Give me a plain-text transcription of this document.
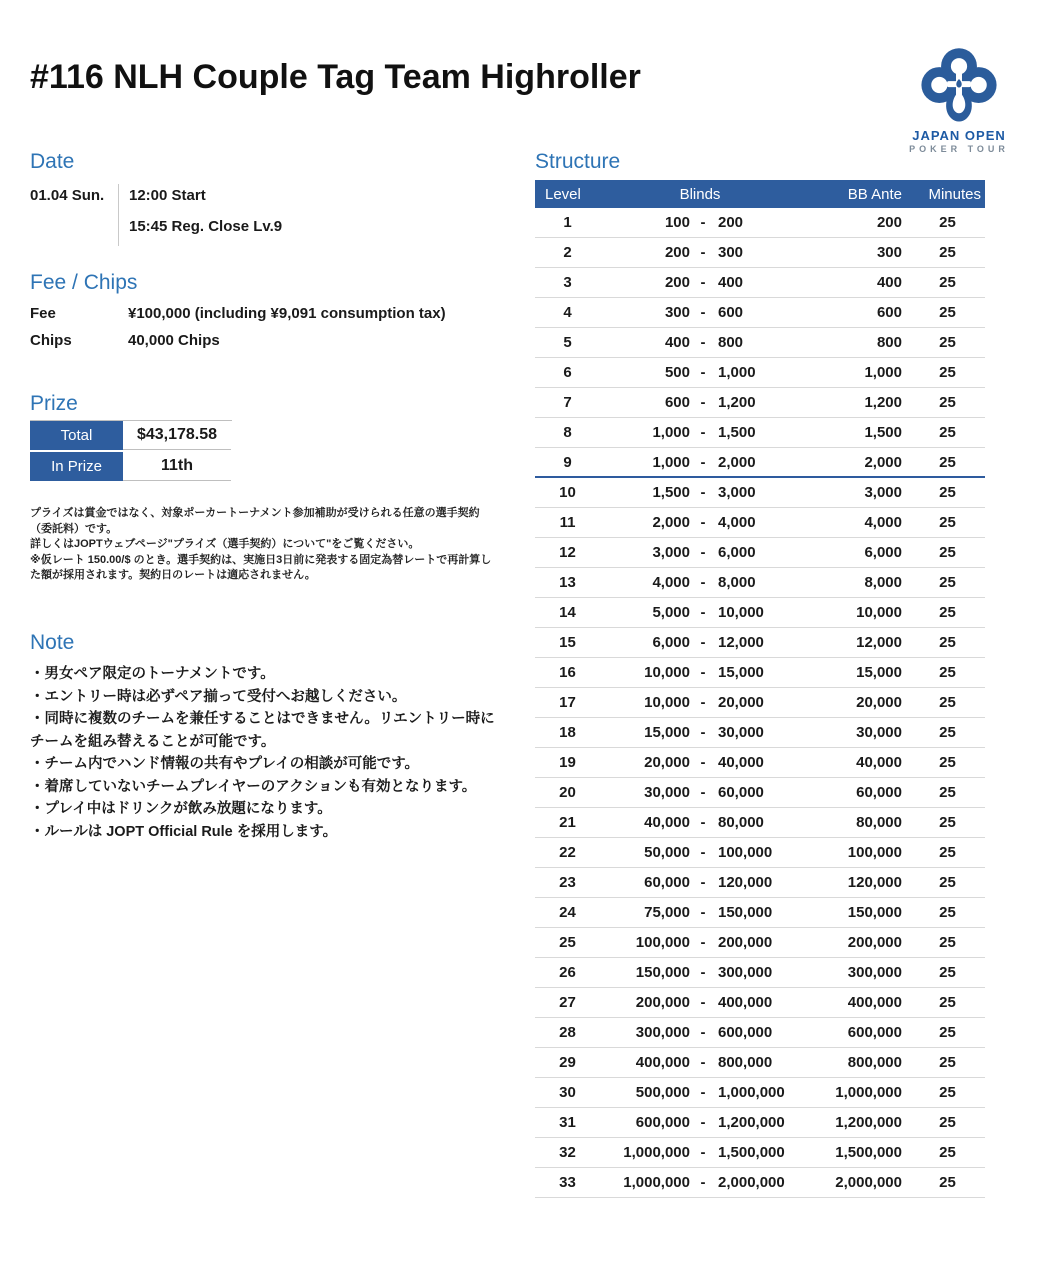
#116 NLH Couple Tag Team Highroller
JAPAN OPEN
POKER TOUR
Date
01.04 Sun.	12:00 Start
15:45 Reg. Close Lv.9
Fee / Chips
Fee	¥100,000 (including ¥9,091 consumption tax)
Chips	40,000 Chips
Prize
Total	$43,178.58
In Prize	11th
プライズは賞金ではなく、対象ポーカートーナメント参加補助が受けられる任意の選手契約（委託料）です。
詳しくはJOPTウェブページ"プライズ（選手契約）について"をご覧ください。
※仮レート 150.00/$ のとき。選手契約は、実施日3日前に発表する固定為替レートで再計算した額が採用されます。契約日のレートは適応されません。
Note
・男女ペア限定のトーナメントです。
・エントリー時は必ずペア揃って受付へお越しください。
・同時に複数のチームを兼任することはできません。リエントリー時にチームを組み替えることが可能です。
・チーム内でハンド情報の共有やプレイの相談が可能です。
・着席していないチームプレイヤーのアクションも有効となります。
・プレイ中はドリンクが飲み放題になります。
・ルールは JOPT Official Rule を採用します。
Structure
Level	Blinds	BB Ante	Minutes
1	100 - 200	200	25
2	200 - 300	300	25
3	200 - 400	400	25
4	300 - 600	600	25
5	400 - 800	800	25
6	500 - 1,000	1,000	25
7	600 - 1,200	1,200	25
8	1,000 - 1,500	1,500	25
9	1,000 - 2,000	2,000	25
10	1,500 - 3,000	3,000	25
11	2,000 - 4,000	4,000	25
12	3,000 - 6,000	6,000	25
13	4,000 - 8,000	8,000	25
14	5,000 - 10,000	10,000	25
15	6,000 - 12,000	12,000	25
16	10,000 - 15,000	15,000	25
17	10,000 - 20,000	20,000	25
18	15,000 - 30,000	30,000	25
19	20,000 - 40,000	40,000	25
20	30,000 - 60,000	60,000	25
21	40,000 - 80,000	80,000	25
22	50,000 - 100,000	100,000	25
23	60,000 - 120,000	120,000	25
24	75,000 - 150,000	150,000	25
25	100,000 - 200,000	200,000	25
26	150,000 - 300,000	300,000	25
27	200,000 - 400,000	400,000	25
28	300,000 - 600,000	600,000	25
29	400,000 - 800,000	800,000	25
30	500,000 - 1,000,000	1,000,000	25
31	600,000 - 1,200,000	1,200,000	25
32	1,000,000 - 1,500,000	1,500,000	25
33	1,000,000 - 2,000,000	2,000,000	25
